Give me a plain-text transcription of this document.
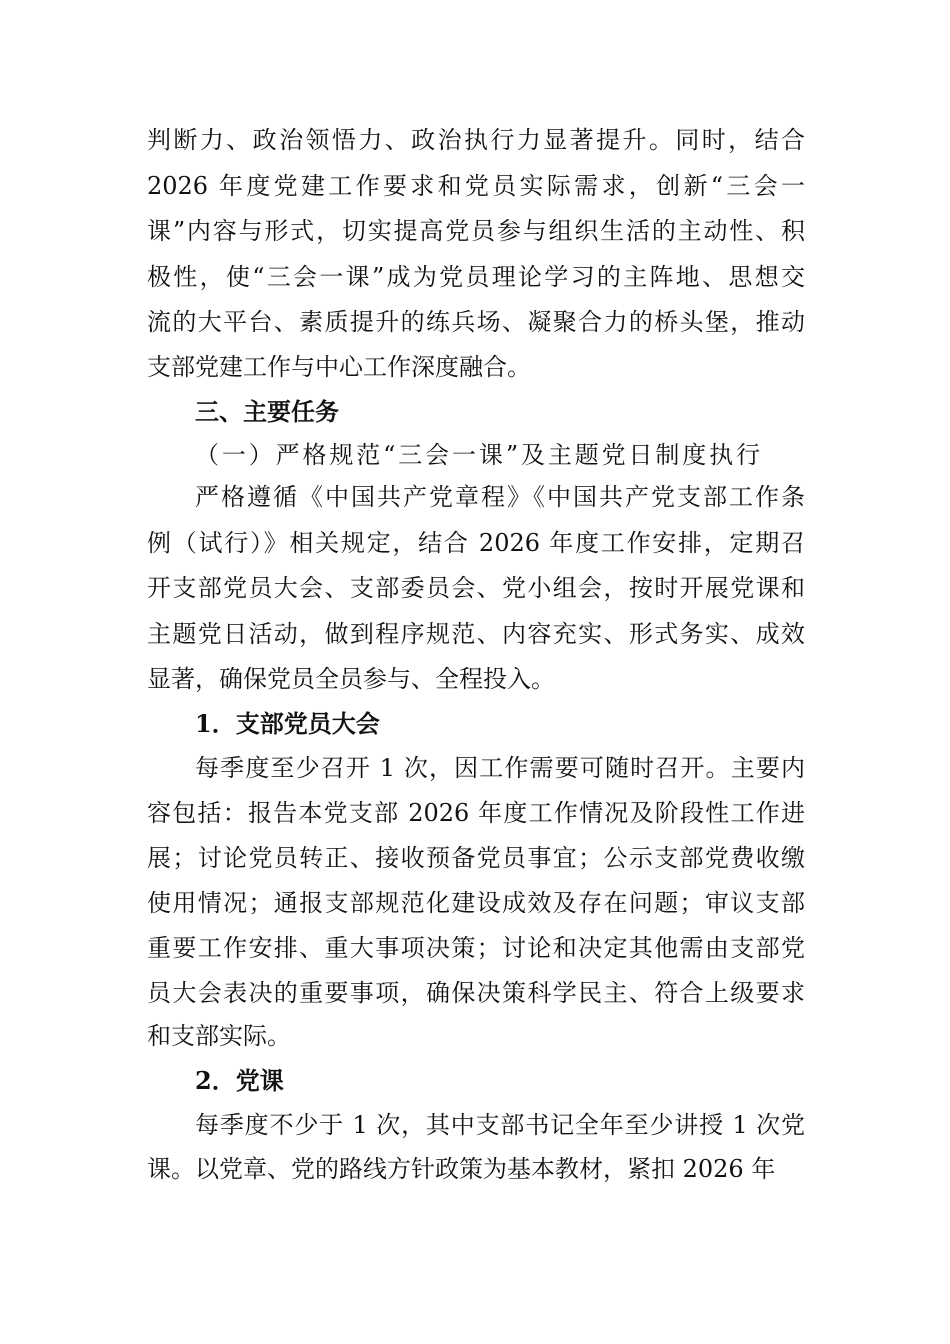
判断力、政治领悟力、政治执行力显著提升。同时，结合
2026 年度党建工作要求和党员实际需求，创新“三会一
课”内容与形式，切实提高党员参与组织生活的主动性、积
极性，使“三会一课”成为党员理论学习的主阵地、思想交
流的大平台、素质提升的练兵场、凝聚合力的桥头堡，推动
支部党建工作与中心工作深度融合。
三、主要任务
（一）严格规范“三会一课”及主题党日制度执行
严格遵循《中国共产党章程》《中国共产党支部工作条
例（试行）》相关规定，结合 2026 年度工作安排，定期召
开支部党员大会、支部委员会、党小组会，按时开展党课和
主题党日活动，做到程序规范、内容充实、形式务实、成效
显著，确保党员全员参与、全程投入。
1．支部党员大会
每季度至少召开 1 次，因工作需要可随时召开。主要内
容包括：报告本党支部 2026 年度工作情况及阶段性工作进
展；讨论党员转正、接收预备党员事宜；公示支部党费收缴
使用情况；通报支部规范化建设成效及存在问题；审议支部
重要工作安排、重大事项决策；讨论和决定其他需由支部党
员大会表决的重要事项，确保决策科学民主、符合上级要求
和支部实际。
2．党课
每季度不少于 1 次，其中支部书记全年至少讲授 1 次党
课。以党章、党的路线方针政策为基本教材，紧扣 2026 年
